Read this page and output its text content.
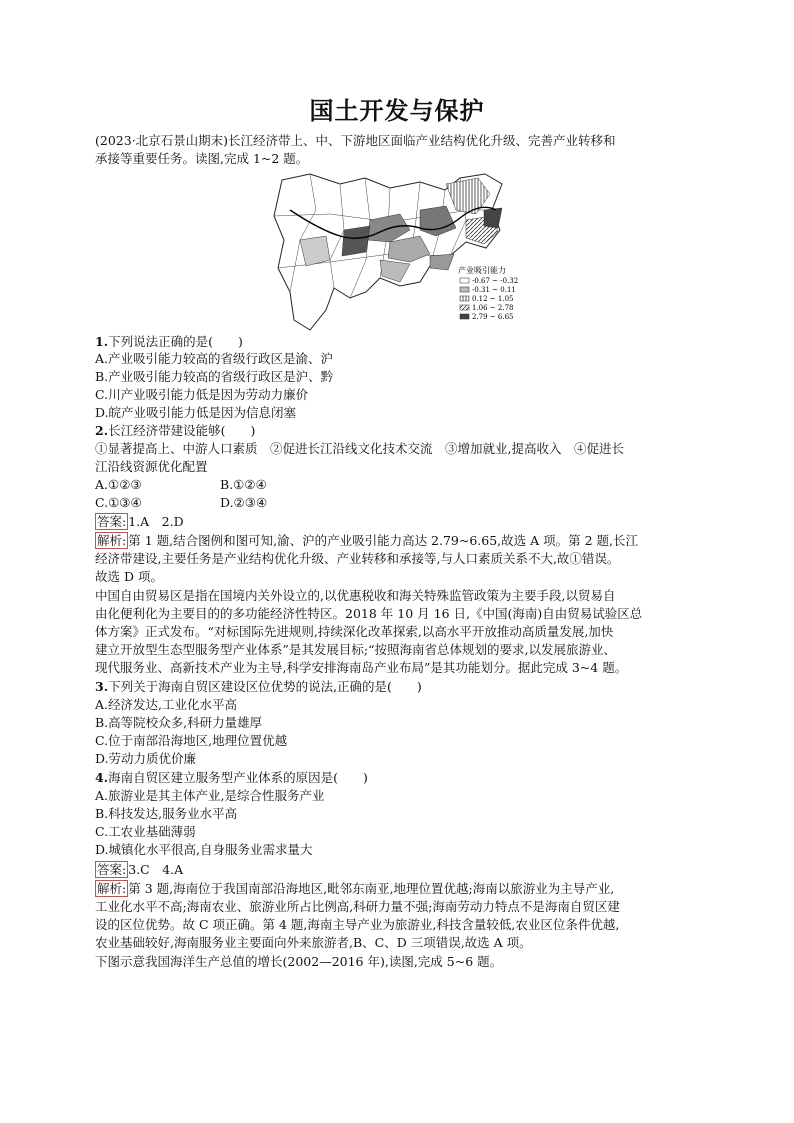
国土开发与保护
(2023·北京石景山期末)长江经济带上、中、下游地区面临产业结构优化升级、完善产业转移和
承接等重要任务。读图,完成 1~2 题。
产业吸引能力
-0.67 ~ -0.32
-0.31 ~ 0.11
0.12 ~ 1.05
1.06 ~ 2.78
2.79 ~ 6.65
1.下列说法正确的是(　　)
A.产业吸引能力较高的省级行政区是渝、沪
B.产业吸引能力较高的省级行政区是沪、黔
C.川产业吸引能力低是因为劳动力廉价
D.皖产业吸引能力低是因为信息闭塞
2.长江经济带建设能够(　　)
①显著提高上、中游人口素质　②促进长江沿线文化技术交流　③增加就业,提高收入　④促进长
江沿线资源优化配置
A.①②③	B.①②④
C.①③④	D.②③④
答案: 1.A　2.D
解析: 第 1 题,结合图例和图可知,渝、沪的产业吸引能力高达 2.79~6.65,故选 A 项。第 2 题,长江
经济带建设,主要任务是产业结构优化升级、产业转移和承接等,与人口素质关系不大,故①错误。
故选 D 项。
中国自由贸易区是指在国境内关外设立的,以优惠税收和海关特殊监管政策为主要手段,以贸易自
由化便利化为主要目的的多功能经济性特区。2018 年 10 月 16 日,《中国(海南)自由贸易试验区总
体方案》正式发布。“对标国际先进规则,持续深化改革探索,以高水平开放推动高质量发展,加快
建立开放型生态型服务型产业体系”是其发展目标;“按照海南省总体规划的要求,以发展旅游业、
现代服务业、高新技术产业为主导,科学安排海南岛产业布局”是其功能划分。据此完成 3~4 题。
3.下列关于海南自贸区建设区位优势的说法,正确的是(　　)
A.经济发达,工业化水平高
B.高等院校众多,科研力量雄厚
C.位于南部沿海地区,地理位置优越
D.劳动力质优价廉
4.海南自贸区建立服务型产业体系的原因是(　　)
A.旅游业是其主体产业,是综合性服务产业
B.科技发达,服务业水平高
C.工农业基础薄弱
D.城镇化水平很高,自身服务业需求量大
答案: 3.C　4.A
解析: 第 3 题,海南位于我国南部沿海地区,毗邻东南亚,地理位置优越;海南以旅游业为主导产业,
工业化水平不高;海南农业、旅游业所占比例高,科研力量不强;海南劳动力特点不是海南自贸区建
设的区位优势。故 C 项正确。第 4 题,海南主导产业为旅游业,科技含量较低,农业区位条件优越,
农业基础较好,海南服务业主要面向外来旅游者,B、C、D 三项错误,故选 A 项。
下图示意我国海洋生产总值的增长(2002—2016 年),读图,完成 5~6 题。
